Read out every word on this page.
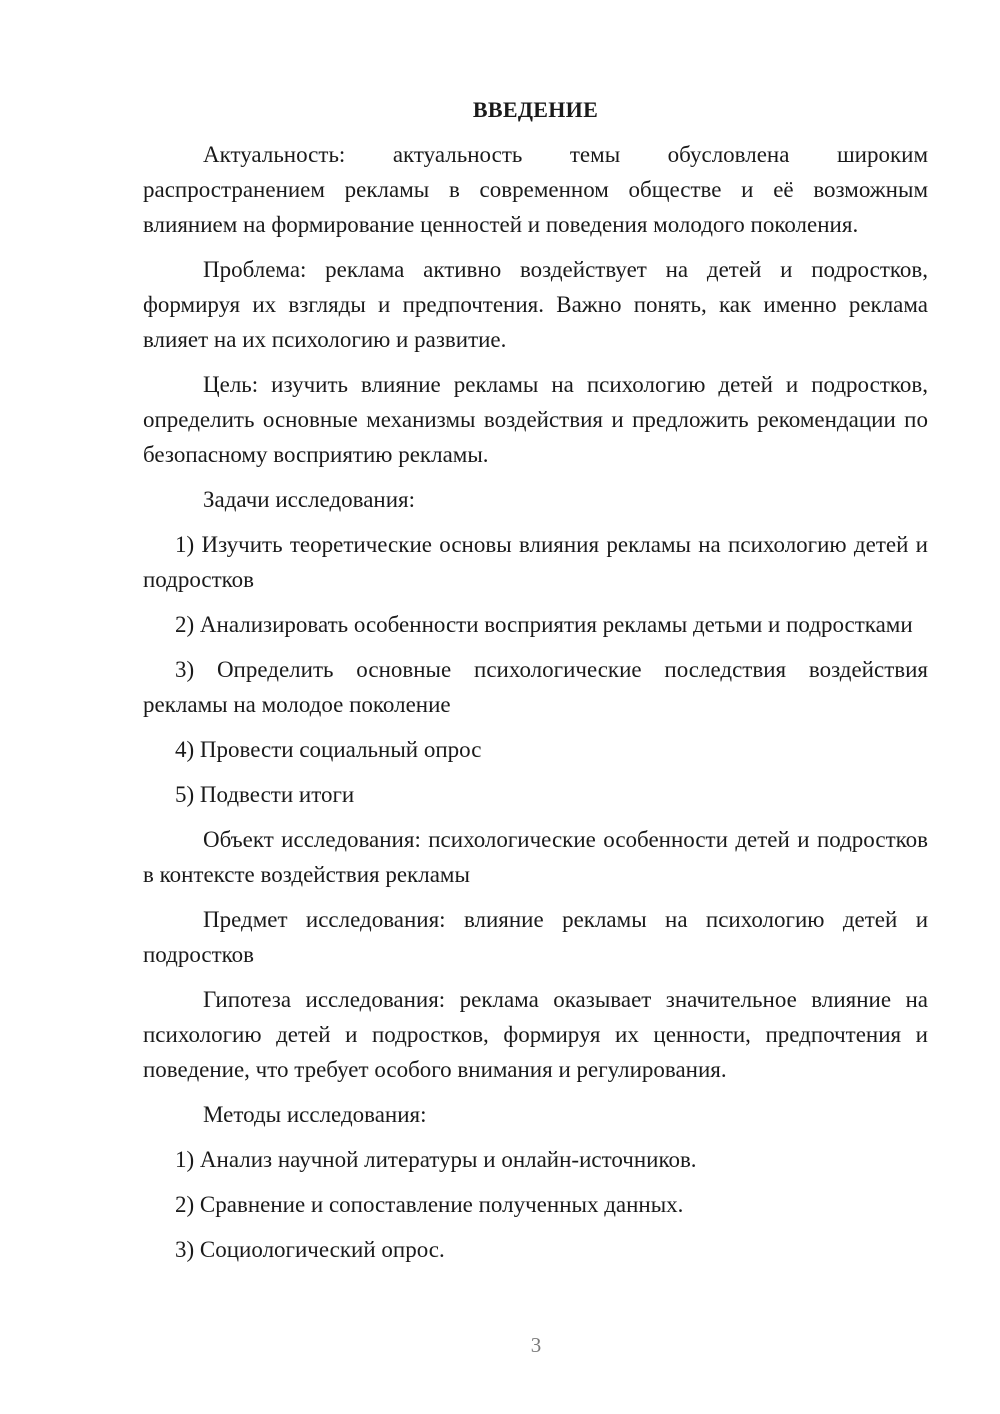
ВВЕДЕНИЕ
Актуальность: актуальность темы обусловлена широким распространением рекламы в современном обществе и её возможным влиянием на формирование ценностей и поведения молодого поколения.
Проблема: реклама активно воздействует на детей и подростков, формируя их взгляды и предпочтения. Важно понять, как именно реклама влияет на их психологию и развитие.
Цель: изучить влияние рекламы на психологию детей и подростков, определить основные механизмы воздействия и предложить рекомендации по безопасному восприятию рекламы.
Задачи исследования:
1) Изучить теоретические основы влияния рекламы на психологию детей и подростков
2) Анализировать особенности восприятия рекламы детьми и подростками
3) Определить основные психологические последствия воздействия рекламы на молодое поколение
4) Провести социальный опрос
5) Подвести итоги
Объект исследования: психологические особенности детей и подростков в контексте воздействия рекламы
Предмет исследования: влияние рекламы на психологию детей и подростков
Гипотеза исследования: реклама оказывает значительное влияние на психологию детей и подростков, формируя их ценности, предпочтения и поведение, что требует особого внимания и регулирования.
Методы исследования:
1) Анализ научной литературы и онлайн-источников.
2) Сравнение и сопоставление полученных данных.
3) Социологический опрос.
3
